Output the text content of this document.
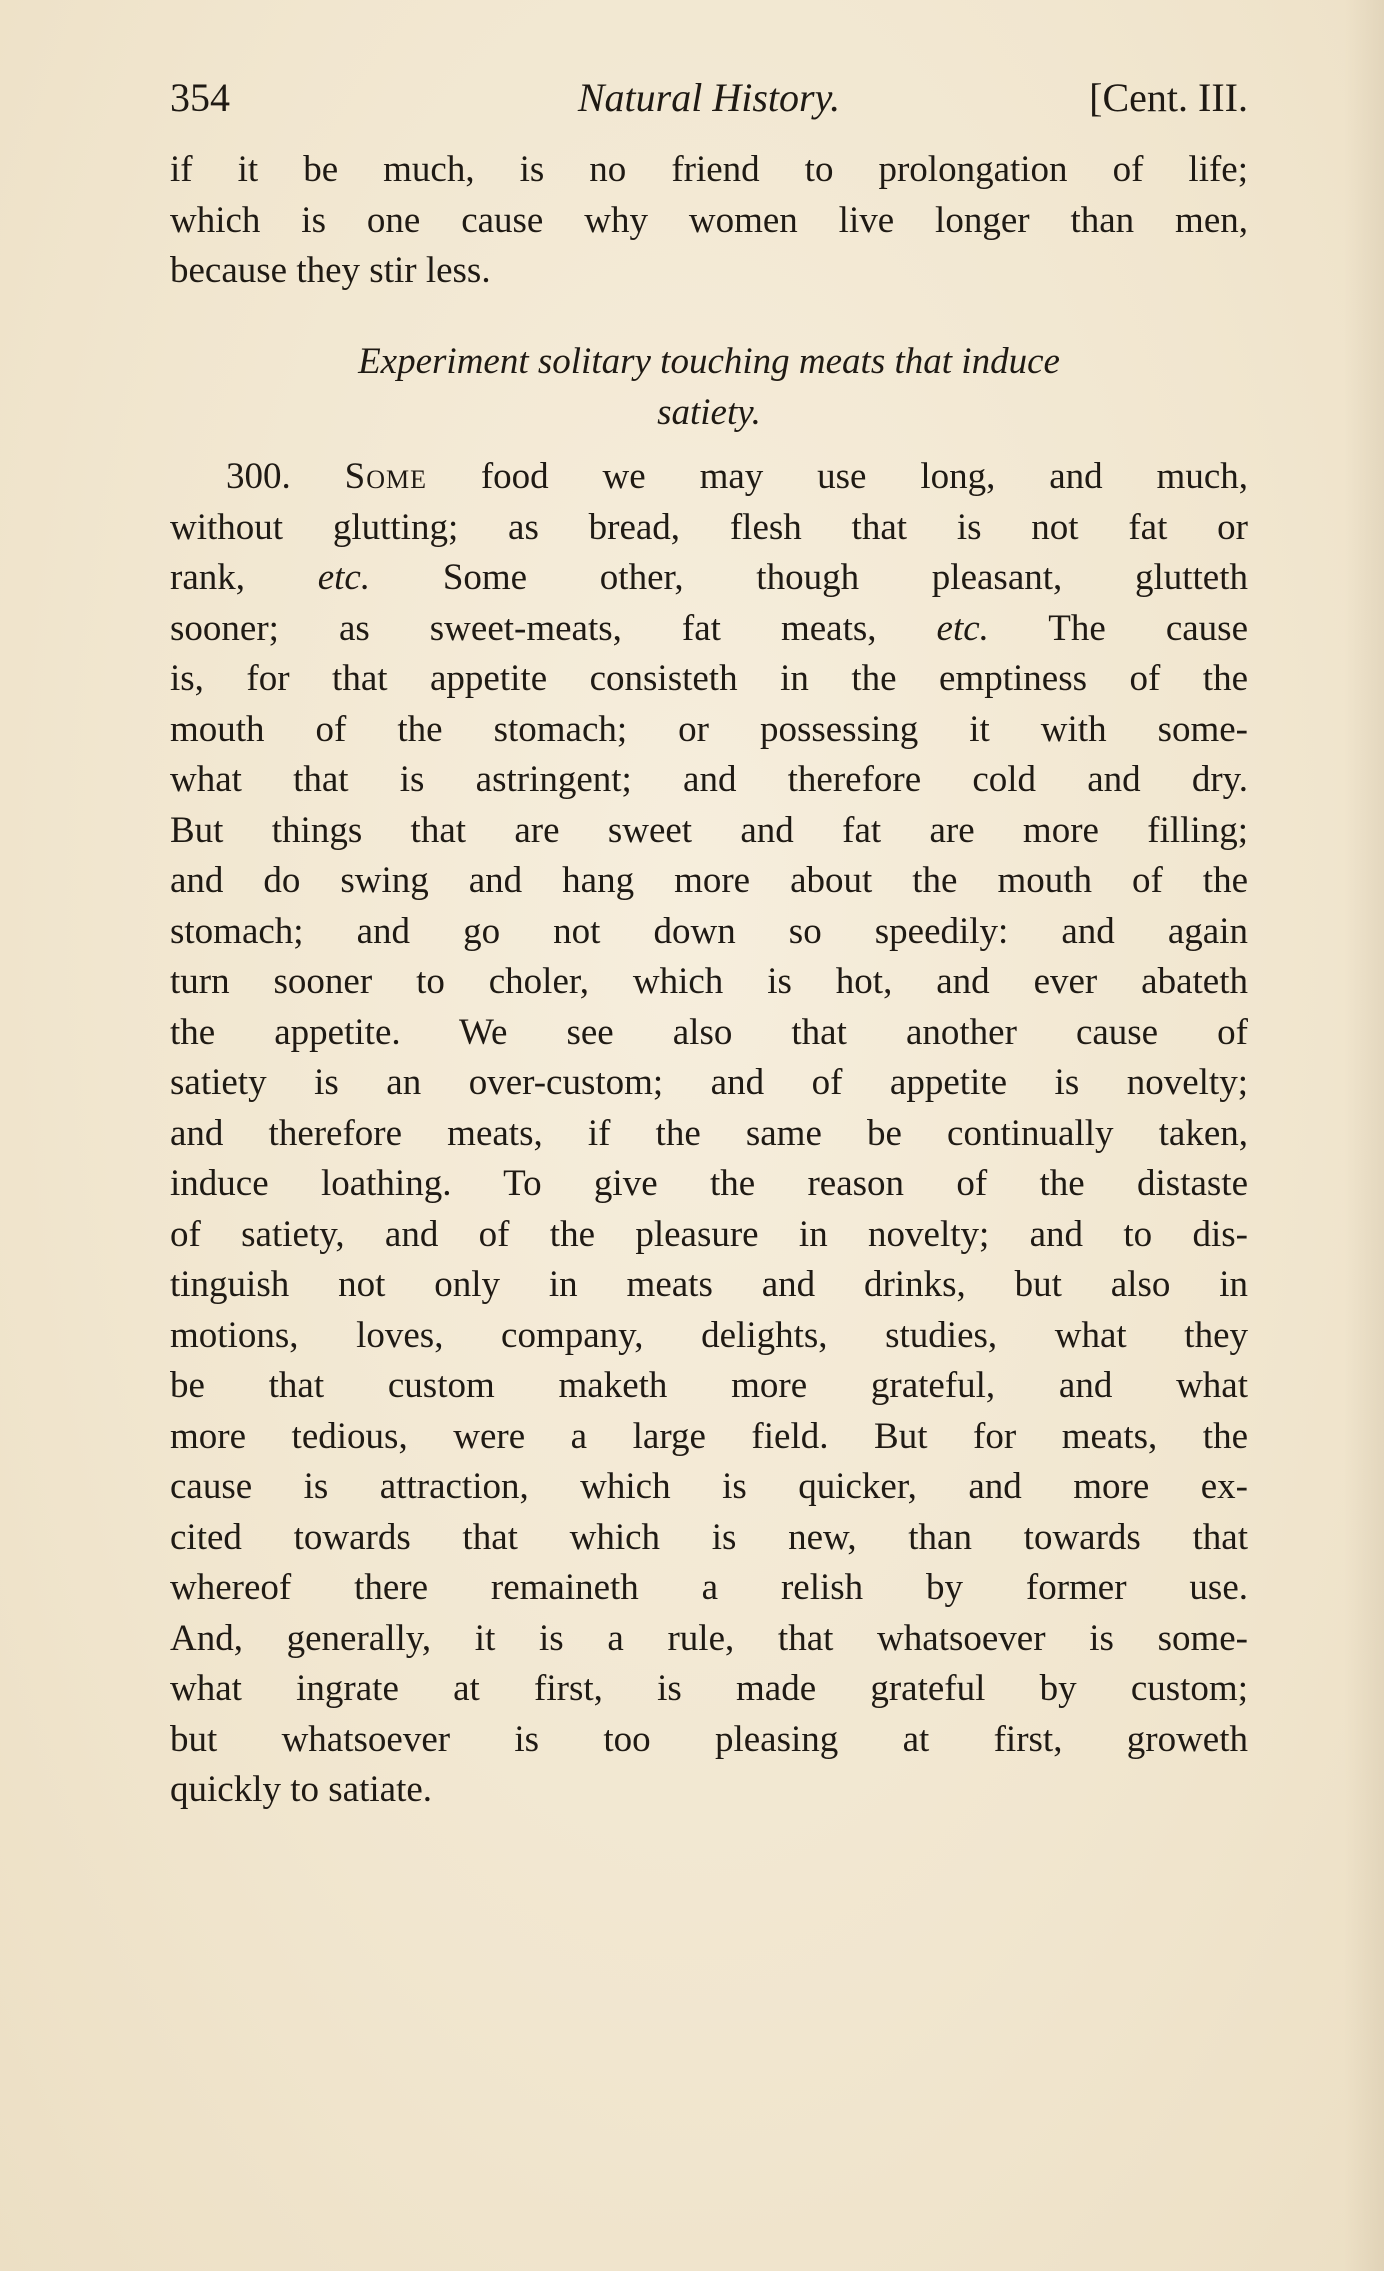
354	Natural History.	[Cent. III.
if it be much, is no friend to prolongation of life;
which is one cause why women live longer than men,
because they stir less.
Experiment solitary touching meats that induce
satiety.
300. Some food we may use long, and much,
without glutting; as bread, flesh that is not fat or
rank, etc. Some other, though pleasant, glutteth
sooner; as sweet-meats, fat meats, etc. The cause
is, for that appetite consisteth in the emptiness of the
mouth of the stomach; or possessing it with some-
what that is astringent; and therefore cold and dry.
But things that are sweet and fat are more filling;
and do swing and hang more about the mouth of the
stomach; and go not down so speedily: and again
turn sooner to choler, which is hot, and ever abateth
the appetite. We see also that another cause of
satiety is an over-custom; and of appetite is novelty;
and therefore meats, if the same be continually taken,
induce loathing. To give the reason of the distaste
of satiety, and of the pleasure in novelty; and to dis-
tinguish not only in meats and drinks, but also in
motions, loves, company, delights, studies, what they
be that custom maketh more grateful, and what
more tedious, were a large field. But for meats, the
cause is attraction, which is quicker, and more ex-
cited towards that which is new, than towards that
whereof there remaineth a relish by former use.
And, generally, it is a rule, that whatsoever is some-
what ingrate at first, is made grateful by custom;
but whatsoever is too pleasing at first, groweth
quickly to satiate.
